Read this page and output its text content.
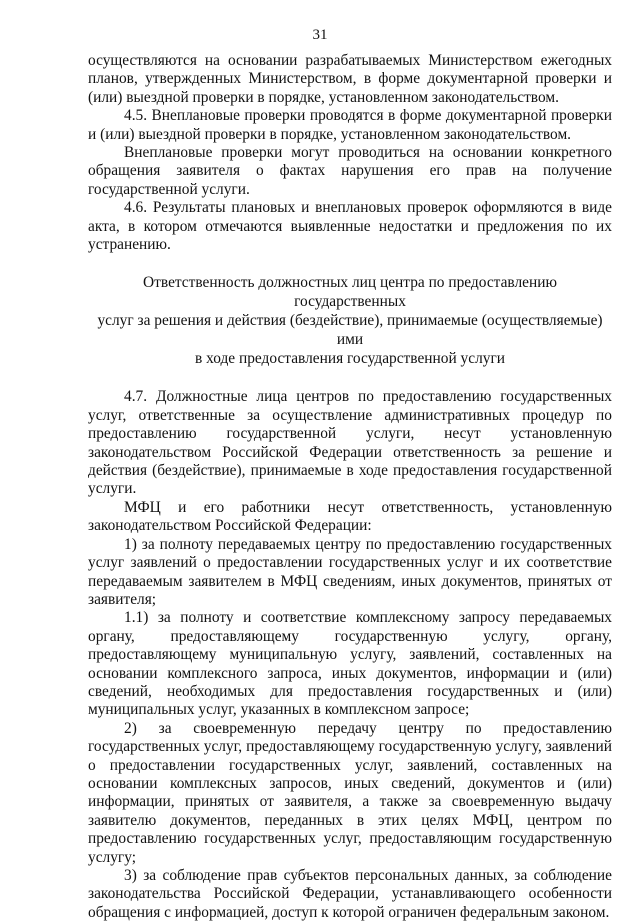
31

осуществляются на основании разрабатываемых Министерством ежегодных планов, утвержденных Министерством, в форме документарной проверки и (или) выездной проверки в порядке, установленном законодательством.

4.5. Внеплановые проверки проводятся в форме документарной проверки и (или) выездной проверки в порядке, установленном законодательством.

Внеплановые проверки могут проводиться на основании конкретного обращения заявителя о фактах нарушения его прав на получение государственной услуги.

4.6. Результаты плановых и внеплановых проверок оформляются в виде акта, в котором отмечаются выявленные недостатки и предложения по их устранению.

Ответственность должностных лиц центра по предоставлению государственных
услуг за решения и действия (бездействие), принимаемые (осуществляемые) ими
в ходе предоставления государственной услуги

4.7. Должностные лица центров по предоставлению государственных услуг, ответственные за осуществление административных процедур по предоставлению государственной услуги, несут установленную законодательством Российской Федерации ответственность за решение и действия (бездействие), принимаемые в ходе предоставления государственной услуги.

МФЦ и его работники несут ответственность, установленную законодательством Российской Федерации:

1) за полноту передаваемых центру по предоставлению государственных услуг заявлений о предоставлении государственных услуг и их соответствие передаваемым заявителем в МФЦ сведениям, иных документов, принятых от заявителя;

1.1) за полноту и соответствие комплексному запросу передаваемых органу, предоставляющему государственную услугу, органу, предоставляющему муниципальную услугу, заявлений, составленных на основании комплексного запроса, иных документов, информации и (или) сведений, необходимых для предоставления государственных и (или) муниципальных услуг, указанных в комплексном запросе;

2) за своевременную передачу центру по предоставлению государственных услуг, предоставляющему государственную услугу, заявлений о предоставлении государственных услуг, заявлений, составленных на основании комплексных запросов, иных сведений, документов и (или) информации, принятых от заявителя, а также за своевременную выдачу заявителю документов, переданных в этих целях МФЦ, центром по предоставлению государственных услуг, предоставляющим государственную услугу;

3) за соблюдение прав субъектов персональных данных, за соблюдение законодательства Российской Федерации, устанавливающего особенности обращения с информацией, доступ к которой ограничен федеральным законом.
